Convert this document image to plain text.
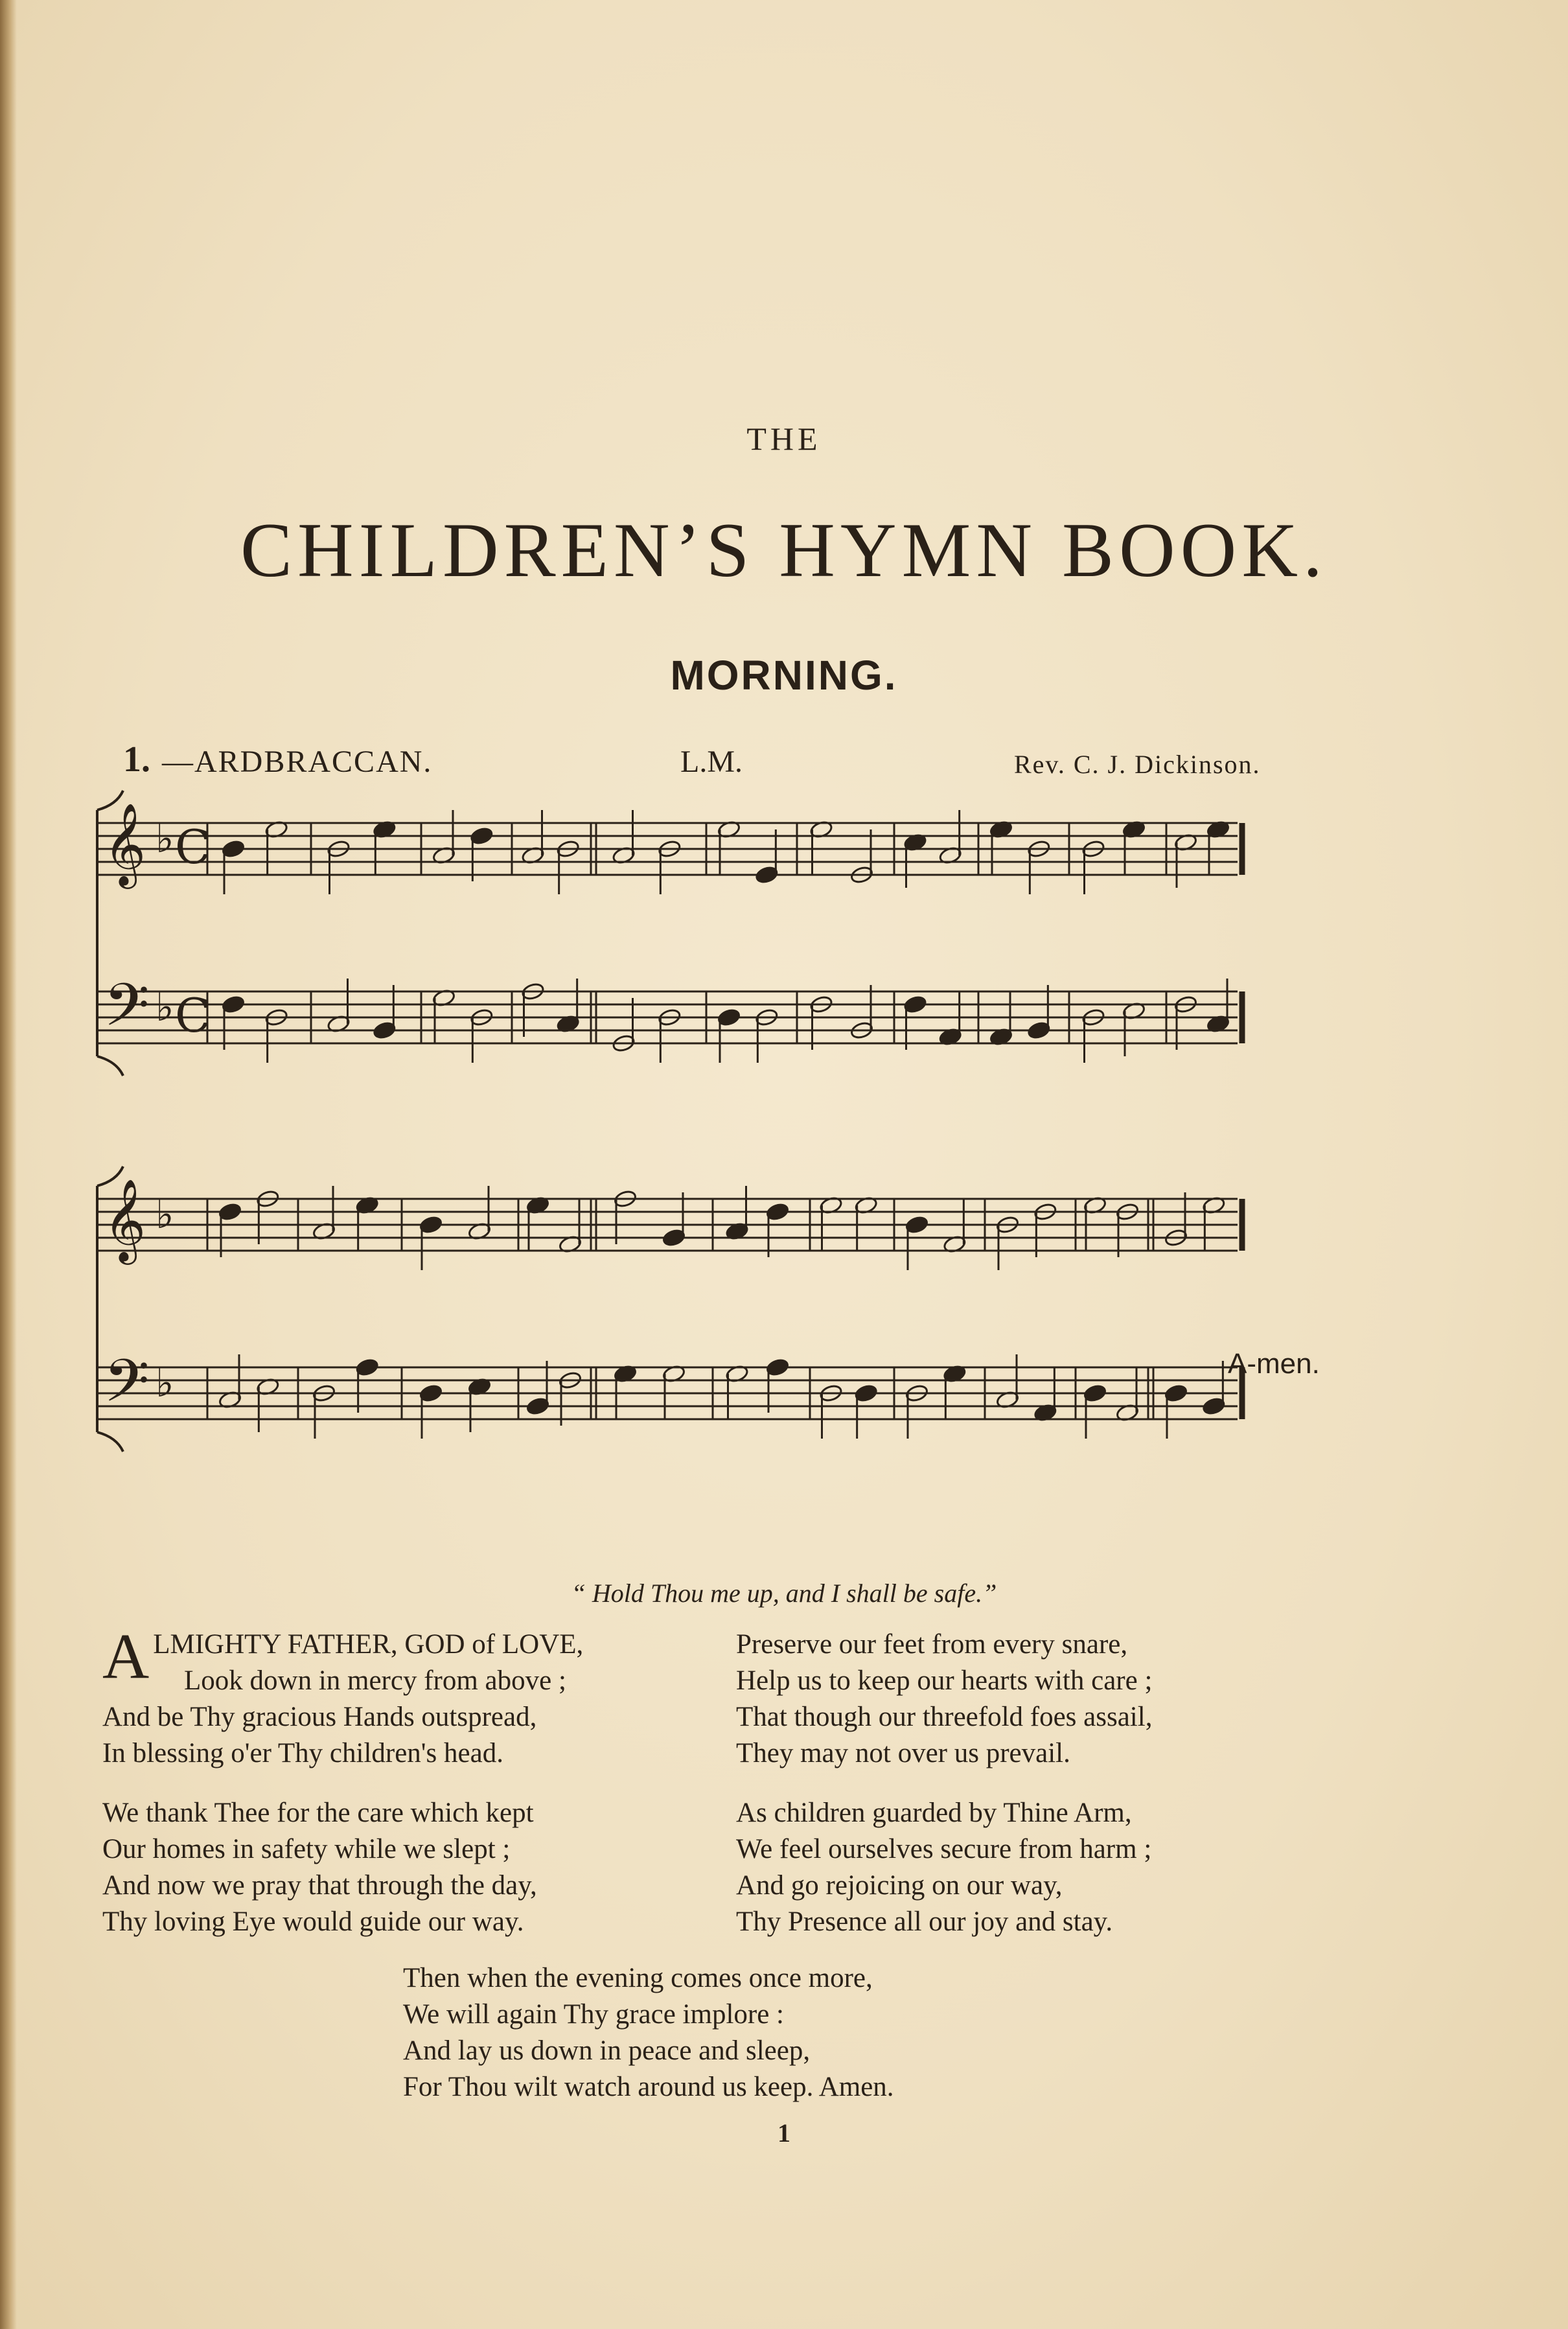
THE
CHILDREN’S HYMN BOOK.
MORNING.
1. —ARDBRACCAN.	L.M.	Rev. C. J. Dickinson.
𝄞 ♭ C
𝄢 ♭ C
𝄞 ♭
𝄢 ♭	A-men.
“ Hold Thou me up, and I shall be safe.”
A LMIGHTY FATHER, GOD of LOVE,
Look down in mercy from above ;
And be Thy gracious Hands outspread,
In blessing o'er Thy children's head.
Preserve our feet from every snare,
Help us to keep our hearts with care ;
That though our threefold foes assail,
They may not over us prevail.
We thank Thee for the care which kept
Our homes in safety while we slept ;
And now we pray that through the day,
Thy loving Eye would guide our way.
As children guarded by Thine Arm,
We feel ourselves secure from harm ;
And go rejoicing on our way,
Thy Presence all our joy and stay.
Then when the evening comes once more,
We will again Thy grace implore :
And lay us down in peace and sleep,
For Thou wilt watch around us keep. Amen.
1
